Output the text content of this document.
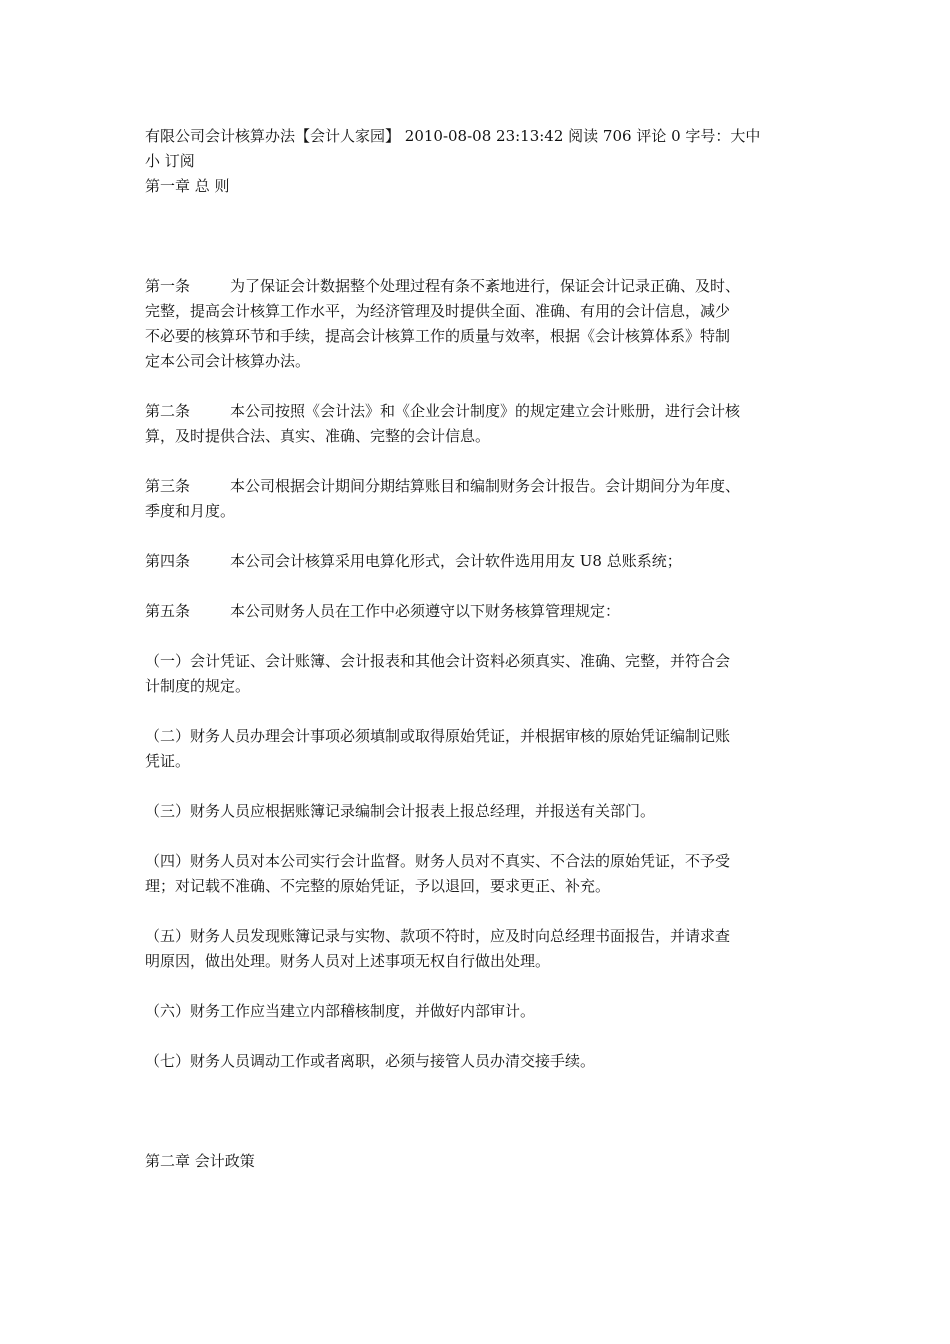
有限公司会计核算办法【会计人家园】 2010-08-08 23:13:42 阅读 706 评论 0 字号：大中
小 订阅
第一章 总 则
第一条	为了保证会计数据整个处理过程有条不紊地进行，保证会计记录正确、及时、
完整，提高会计核算工作水平，为经济管理及时提供全面、准确、有用的会计信息，减少
不必要的核算环节和手续，提高会计核算工作的质量与效率，根据《会计核算体系》特制
定本公司会计核算办法。
第二条	本公司按照《会计法》和《企业会计制度》的规定建立会计账册，进行会计核
算，及时提供合法、真实、准确、完整的会计信息。
第三条	本公司根据会计期间分期结算账目和编制财务会计报告。会计期间分为年度、
季度和月度。
第四条	本公司会计核算采用电算化形式，会计软件选用用友 U8 总账系统；
第五条	本公司财务人员在工作中必须遵守以下财务核算管理规定：
（一）会计凭证、会计账簿、会计报表和其他会计资料必须真实、准确、完整，并符合会
计制度的规定。
（二）财务人员办理会计事项必须填制或取得原始凭证，并根据审核的原始凭证编制记账
凭证。
（三）财务人员应根据账簿记录编制会计报表上报总经理，并报送有关部门。
（四）财务人员对本公司实行会计监督。财务人员对不真实、不合法的原始凭证，不予受
理；对记载不准确、不完整的原始凭证，予以退回，要求更正、补充。
（五）财务人员发现账簿记录与实物、款项不符时，应及时向总经理书面报告，并请求查
明原因，做出处理。财务人员对上述事项无权自行做出处理。
（六）财务工作应当建立内部稽核制度，并做好内部审计。
（七）财务人员调动工作或者离职，必须与接管人员办清交接手续。
第二章 会计政策
